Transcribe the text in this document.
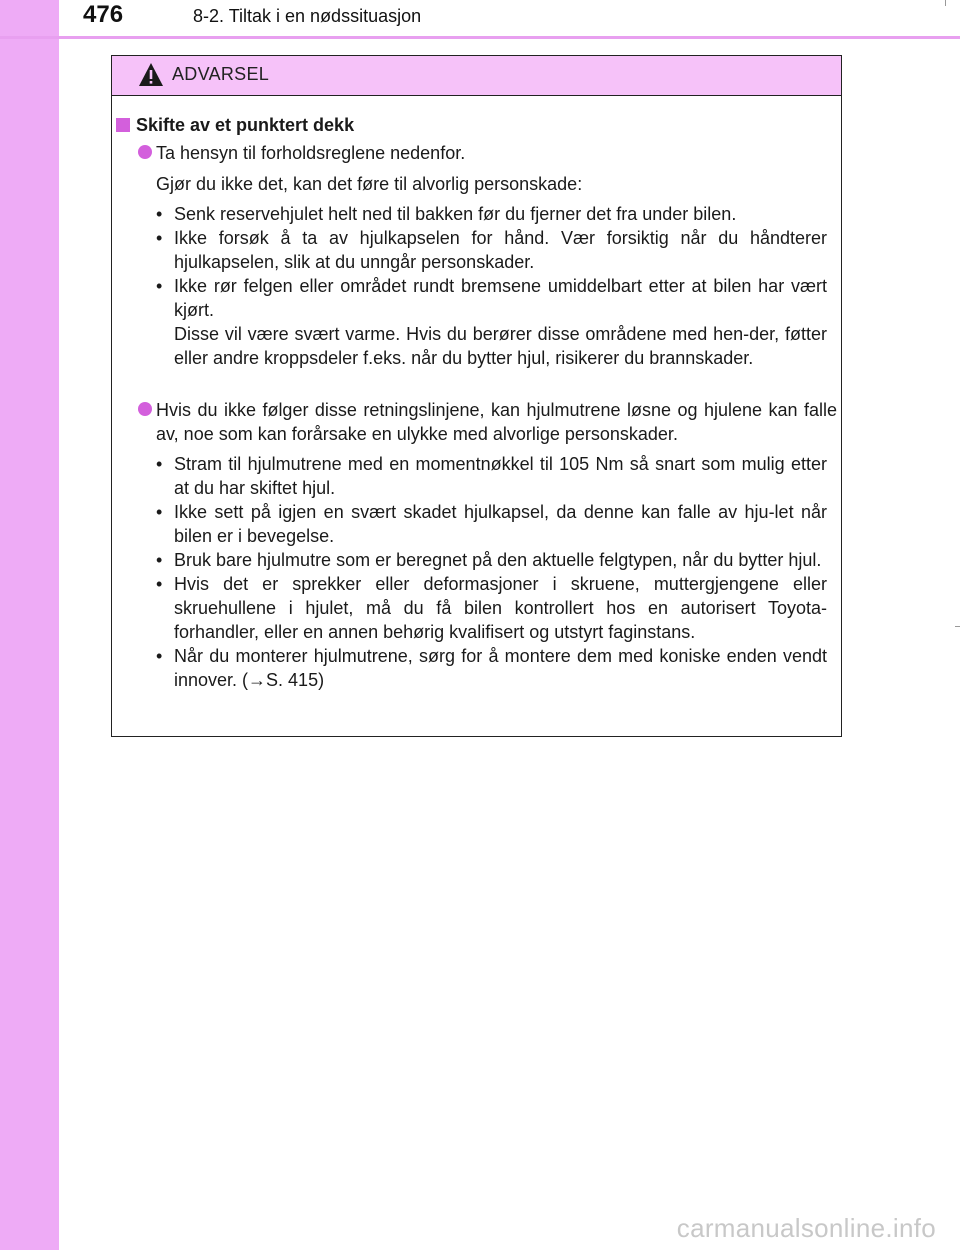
476	8-2. Tiltak i en nødssituasjon
ADVARSEL
Skifte av et punktert dekk
Ta hensyn til forholdsreglene nedenfor.
Gjør du ikke det, kan det føre til alvorlig personskade:
• Senk reservehjulet helt ned til bakken før du fjerner det fra under bilen.
• Ikke forsøk å ta av hjulkapselen for hånd. Vær forsiktig når du håndterer hjulkapselen, slik at du unngår personskader.
• Ikke rør felgen eller området rundt bremsene umiddelbart etter at bilen har vært kjørt.
Disse vil være svært varme. Hvis du berører disse områdene med hen-der, føtter eller andre kroppsdeler f.eks. når du bytter hjul, risikerer du brannskader.
Hvis du ikke følger disse retningslinjene, kan hjulmutrene løsne og hjulene kan falle av, noe som kan forårsake en ulykke med alvorlige personskader.
• Stram til hjulmutrene med en momentnøkkel til 105 Nm så snart som mulig etter at du har skiftet hjul.
• Ikke sett på igjen en svært skadet hjulkapsel, da denne kan falle av hju-let når bilen er i bevegelse.
• Bruk bare hjulmutre som er beregnet på den aktuelle felgtypen, når du bytter hjul.
• Hvis det er sprekker eller deformasjoner i skruene, muttergjengene eller skruehullene i hjulet, må du få bilen kontrollert hos en autorisert Toyota-forhandler, eller en annen behørig kvalifisert og utstyrt faginstans.
• Når du monterer hjulmutrene, sørg for å montere dem med koniske enden vendt innover. (→S. 415)
carmanualsonline.info
